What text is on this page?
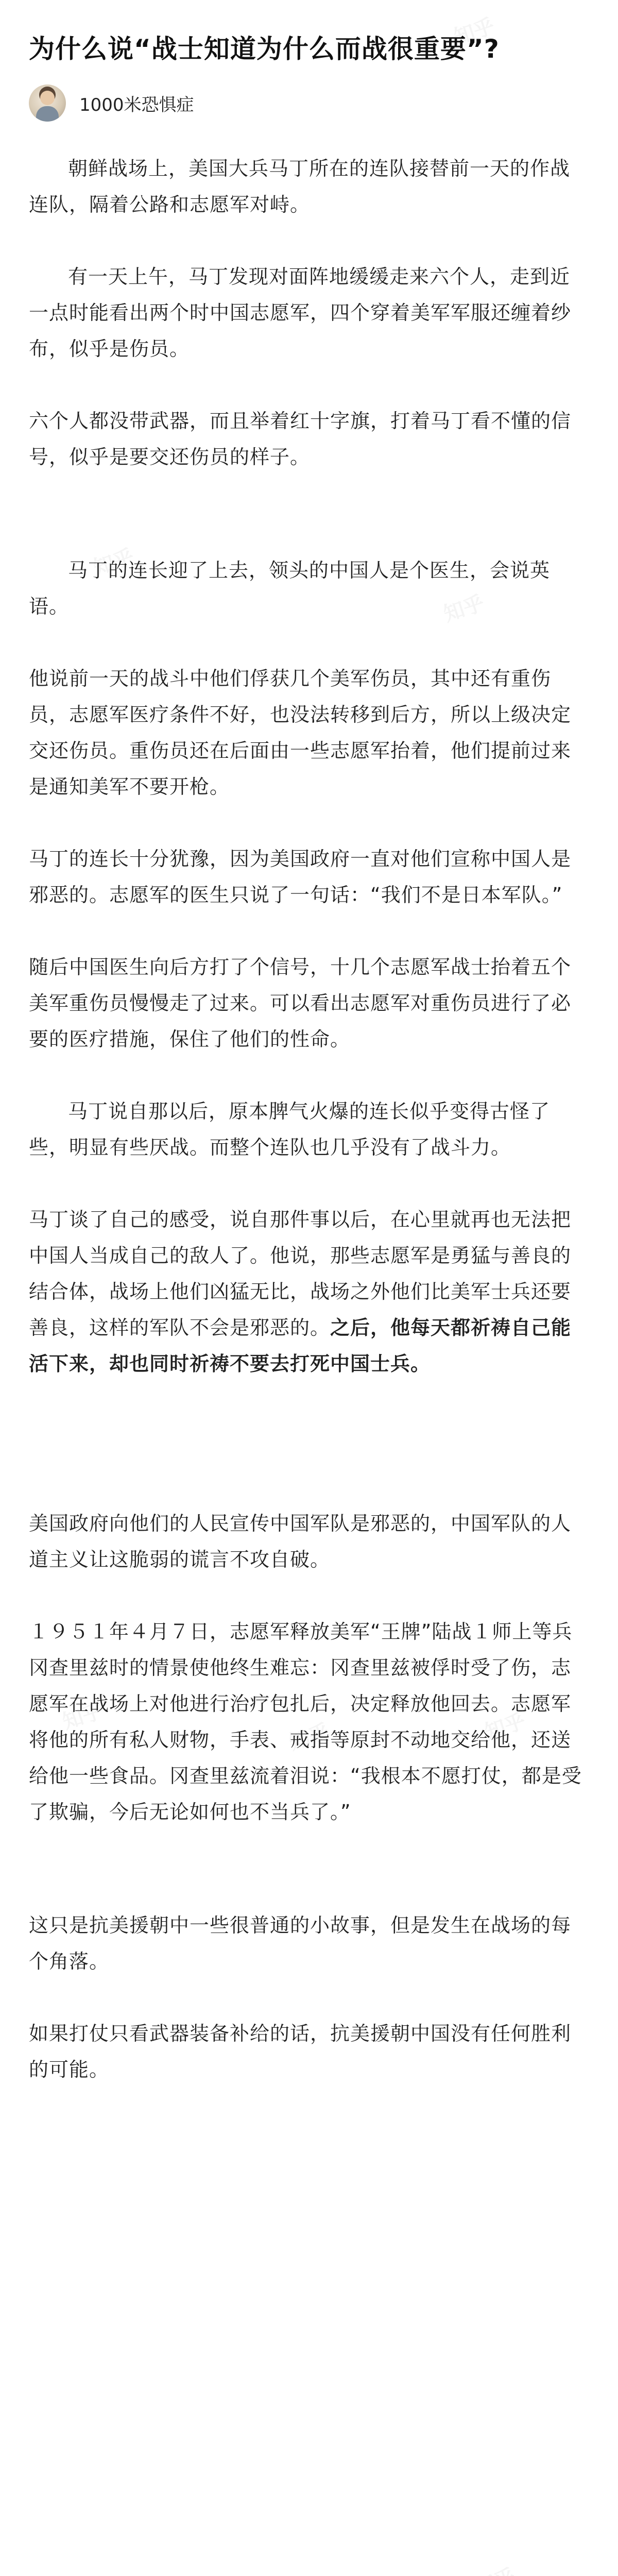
为什么说“战士知道为什么而战很重要”?
1000米恐惧症

朝鲜战场上，美国大兵马丁所在的连队接替前一天的作战连队，隔着公路和志愿军对峙。

有一天上午，马丁发现对面阵地缓缓走来六个人，走到近一点时能看出两个时中国志愿军，四个穿着美军军服还缠着纱布，似乎是伤员。

六个人都没带武器，而且举着红十字旗，打着马丁看不懂的信号，似乎是要交还伤员的样子。

马丁的连长迎了上去，领头的中国人是个医生，会说英语。

他说前一天的战斗中他们俘获几个美军伤员，其中还有重伤员，志愿军医疗条件不好，也没法转移到后方，所以上级决定交还伤员。重伤员还在后面由一些志愿军抬着，他们提前过来是通知美军不要开枪。

马丁的连长十分犹豫，因为美国政府一直对他们宣称中国人是邪恶的。志愿军的医生只说了一句话：“我们不是日本军队。”

随后中国医生向后方打了个信号，十几个志愿军战士抬着五个美军重伤员慢慢走了过来。可以看出志愿军对重伤员进行了必要的医疗措施，保住了他们的性命。

马丁说自那以后，原本脾气火爆的连长似乎变得古怪了些，明显有些厌战。而整个连队也几乎没有了战斗力。

马丁谈了自己的感受，说自那件事以后，在心里就再也无法把中国人当成自己的敌人了。他说，那些志愿军是勇猛与善良的结合体，战场上他们凶猛无比，战场之外他们比美军士兵还要善良，这样的军队不会是邪恶的。之后，他每天都祈祷自己能活下来，却也同时祈祷不要去打死中国士兵。

美国政府向他们的人民宣传中国军队是邪恶的，中国军队的人道主义让这脆弱的谎言不攻自破。

１９５１年４月７日，志愿军释放美军“王牌”陆战１师上等兵冈查里兹时的情景使他终生难忘：冈查里兹被俘时受了伤，志愿军在战场上对他进行治疗包扎后，决定释放他回去。志愿军将他的所有私人财物，手表、戒指等原封不动地交给他，还送给他一些食品。冈查里兹流着泪说：“我根本不愿打仗，都是受了欺骗，今后无论如何也不当兵了。”

这只是抗美援朝中一些很普通的小故事，但是发生在战场的每个角落。

如果打仗只看武器装备补给的话，抗美援朝中国没有任何胜利的可能。
